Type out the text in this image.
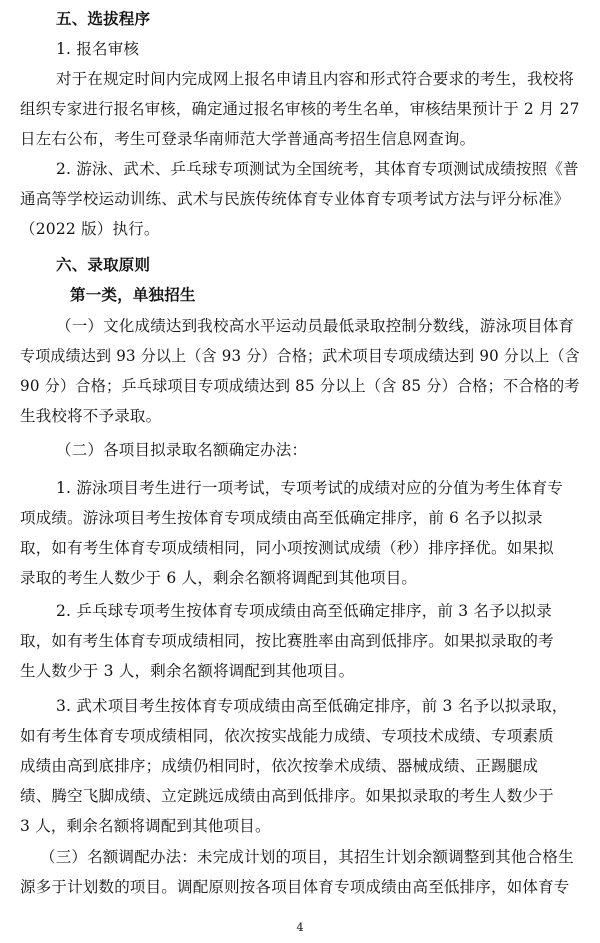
五、选拔程序
1. 报名审核
对于在规定时间内完成网上报名申请且内容和形式符合要求的考生，我校将
组织专家进行报名审核，确定通过报名审核的考生名单，审核结果预计于 2 月 27
日左右公布，考生可登录华南师范大学普通高考招生信息网查询。
2. 游泳、武术、乒乓球专项测试为全国统考，其体育专项测试成绩按照《普
通高等学校运动训练、武术与民族传统体育专业体育专项考试方法与评分标准》
（2022 版）执行。
六、录取原则
第一类，单独招生
（一）文化成绩达到我校高水平运动员最低录取控制分数线，游泳项目体育
专项成绩达到 93 分以上（含 93 分）合格；武术项目专项成绩达到 90 分以上（含
90 分）合格；乒乓球项目专项成绩达到 85 分以上（含 85 分）合格；不合格的考
生我校将不予录取。
（二）各项目拟录取名额确定办法：
1. 游泳项目考生进行一项考试，专项考试的成绩对应的分值为考生体育专
项成绩。游泳项目考生按体育专项成绩由高至低确定排序，前 6 名予以拟录
取，如有考生体育专项成绩相同，同小项按测试成绩（秒）排序择优。如果拟
录取的考生人数少于 6 人，剩余名额将调配到其他项目。
2. 乒乓球专项考生按体育专项成绩由高至低确定排序，前 3 名予以拟录
取，如有考生体育专项成绩相同，按比赛胜率由高到低排序。如果拟录取的考
生人数少于 3 人，剩余名额将调配到其他项目。
3. 武术项目考生按体育专项成绩由高至低确定排序，前 3 名予以拟录取，
如有考生体育专项成绩相同，依次按实战能力成绩、专项技术成绩、专项素质
成绩由高到底排序；成绩仍相同时，依次按拳术成绩、器械成绩、正踢腿成
绩、腾空飞脚成绩、立定跳远成绩由高到低排序。如果拟录取的考生人数少于
3 人，剩余名额将调配到其他项目。
（三）名额调配办法：未完成计划的项目，其招生计划余额调整到其他合格生
源多于计划数的项目。调配原则按各项目体育专项成绩由高至低排序，如体育专
4
